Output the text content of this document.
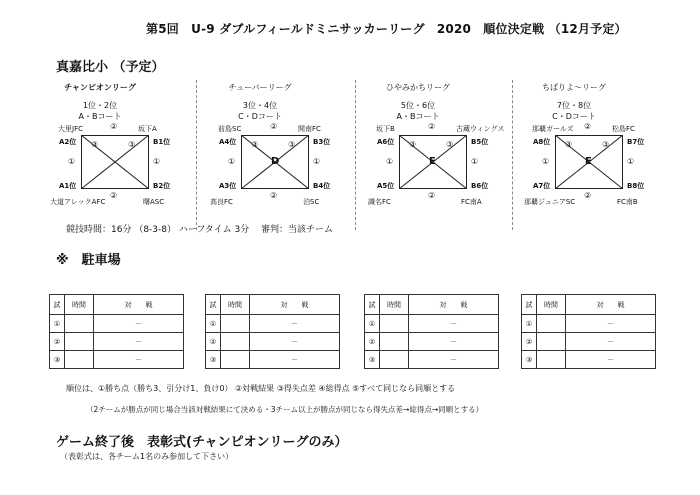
第5回　U-9 ダブルフィールドミニサッカーリーグ　2020　順位決定戦 （12月予定）
真嘉比小 （予定）
チャンピオンリーグ
1位・2位
A・Bコート
大里JFC	坂下A
大道アレックAFC	曙ASC
A2位
A1位
B1位
B2位
②
②
①	①
③	③
チューバーリーグ
3位・4位
C・Dコート
前島SC	開南FC
高良FC	泊SC
A4位
A3位
B3位
B4位
②
②
①	①
③	③
D
ひやみかちリーグ
5位・6位
A・Bコート
坂下B	古蔵ウィングス
識名FC	FC南A
A6位
A5位
B5位
B6位
②
②
①	①
③	③
E
ちばりよ～リーグ
7位・8位
C・Dコート
那覇ガールズ	松島FC
那覇ジュニアSC	FC南B
A8位
A7位
B7位
B8位
②
②
①	①
③	③
E
競技時間：16分 （8-3-8） ハーフタイム 3分　 審判：当該チーム
※　駐車場
試	時間	対　　戦
①		－
②		－
③		－
試	時間	対　　戦
①		－
②		－
③		－
試	時間	対　　戦
①		－
②		－
③		－
試	時間	対　　戦
①		－
②		－
③		－
順位は、①勝ち点（勝ち3、引分け1、負け0） ②対戦結果 ③得失点差 ④総得点 ⑤すべて同じなら同順とする
（2チームが勝点が同じ場合当該対戦結果にて決める・3チーム以上が勝点が同じなら得失点差→総得点→同順とする）
ゲーム終了後　表彰式(チャンピオンリーグのみ）
（表彰式は、各チーム1名のみ参加して下さい）
